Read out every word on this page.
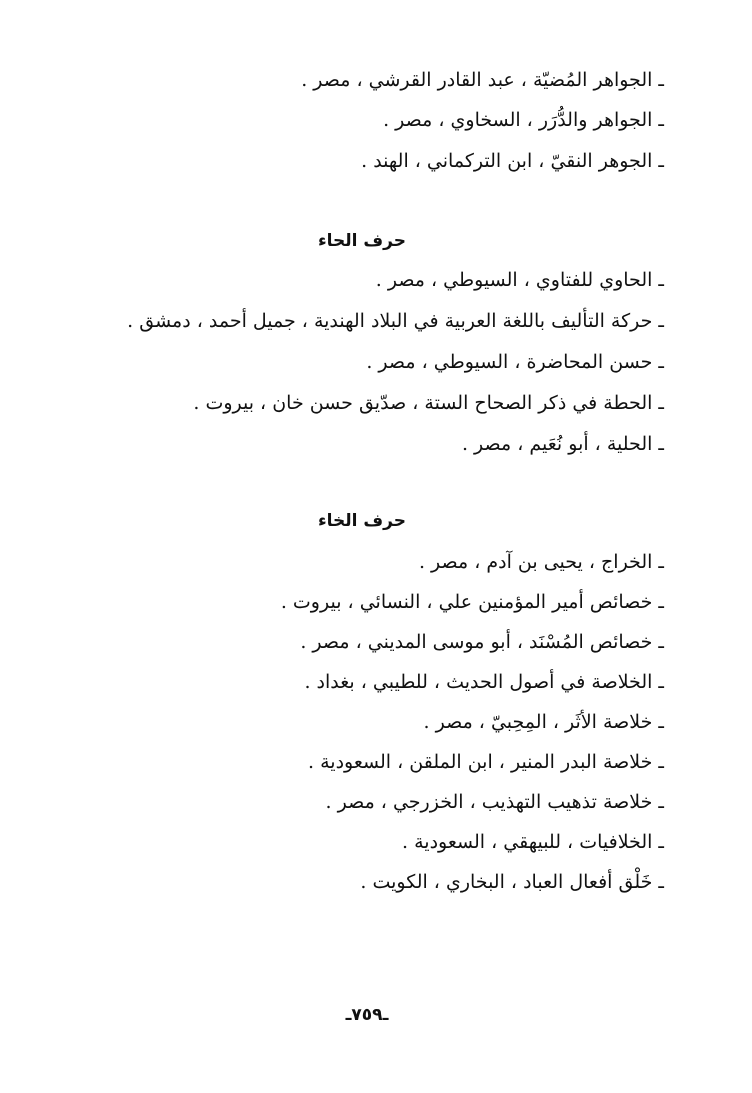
ـ الجواهر المُضيّة ، عبد القادر القرشي ، مصر .
ـ الجواهر والدُّرَر ، السخاوي ، مصر .
ـ الجوهر النقيّ ، ابن التركماني ، الهند .
حرف الحاء
ـ الحاوي للفتاوي ، السيوطي ، مصر .
ـ حركة التأليف باللغة العربية في البلاد الهندية ، جميل أحمد ، دمشق .
ـ حسن المحاضرة ، السيوطي ، مصر .
ـ الحطة في ذكر الصحاح الستة ، صدّيق حسن خان ، بيروت .
ـ الحلية ، أبو نُعَيم ، مصر .
حرف الخاء
ـ الخراج ، يحيى بن آدم ، مصر .
ـ خصائص أمير المؤمنين علي ، النسائي ، بيروت .
ـ خصائص المُسْنَد ، أبو موسى المديني ، مصر .
ـ الخلاصة في أصول الحديث ، للطيبي ، بغداد .
ـ خلاصة الأثَر ، المِحِبيّ ، مصر .
ـ خلاصة البدر المنير ، ابن الملقن ، السعودية .
ـ خلاصة تذهيب التهذيب ، الخزرجي ، مصر .
ـ الخلافيات ، للبيهقي ، السعودية .
ـ خَلْق أفعال العباد ، البخاري ، الكويت .
ـ٧٥٩ـ
